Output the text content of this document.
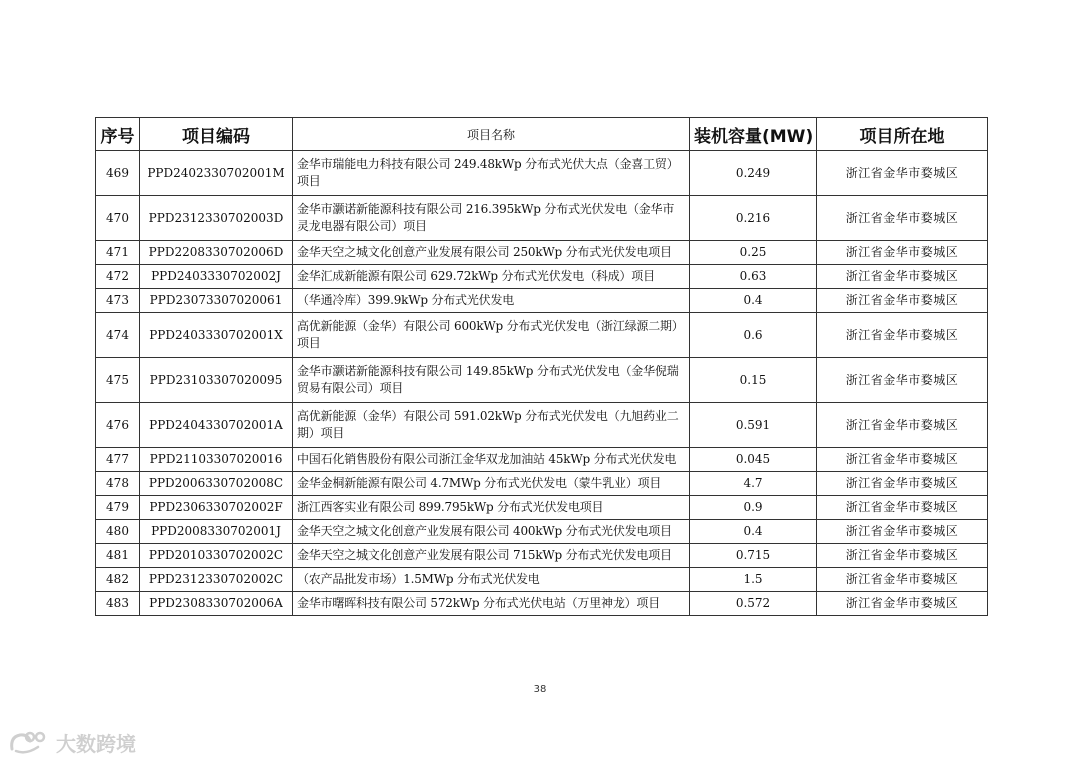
序号	项目编码	项目名称	装机容量(MW)	项目所在地
469	PPD2402330702001M	金华市瑞能电力科技有限公司 249.48kWp 分布式光伏大点（金喜工贸）项目	0.249	浙江省金华市婺城区
470	PPD2312330702003D	金华市灏诺新能源科技有限公司 216.395kWp 分布式光伏发电（金华市灵龙电器有限公司）项目	0.216	浙江省金华市婺城区
471	PPD2208330702006D	金华天空之城文化创意产业发展有限公司 250kWp 分布式光伏发电项目	0.25	浙江省金华市婺城区
472	PPD2403330702002J	金华汇成新能源有限公司 629.72kWp 分布式光伏发电（科成）项目	0.63	浙江省金华市婺城区
473	PPD23073307020061	（华通冷库）399.9kWp 分布式光伏发电	0.4	浙江省金华市婺城区
474	PPD2403330702001X	高优新能源（金华）有限公司 600kWp 分布式光伏发电（浙江绿源二期）项目	0.6	浙江省金华市婺城区
475	PPD23103307020095	金华市灏诺新能源科技有限公司 149.85kWp 分布式光伏发电（金华倪瑞贸易有限公司）项目	0.15	浙江省金华市婺城区
476	PPD2404330702001A	高优新能源（金华）有限公司 591.02kWp 分布式光伏发电（九旭药业二期）项目	0.591	浙江省金华市婺城区
477	PPD21103307020016	中国石化销售股份有限公司浙江金华双龙加油站 45kWp 分布式光伏发电	0.045	浙江省金华市婺城区
478	PPD2006330702008C	金华金桐新能源有限公司 4.7MWp 分布式光伏发电（蒙牛乳业）项目	4.7	浙江省金华市婺城区
479	PPD2306330702002F	浙江西客实业有限公司 899.795kWp 分布式光伏发电项目	0.9	浙江省金华市婺城区
480	PPD2008330702001J	金华天空之城文化创意产业发展有限公司 400kWp 分布式光伏发电项目	0.4	浙江省金华市婺城区
481	PPD2010330702002C	金华天空之城文化创意产业发展有限公司 715kWp 分布式光伏发电项目	0.715	浙江省金华市婺城区
482	PPD2312330702002C	（农产品批发市场）1.5MWp 分布式光伏发电	1.5	浙江省金华市婺城区
483	PPD2308330702006A	金华市曙晖科技有限公司 572kWp 分布式光伏电站（万里神龙）项目	0.572	浙江省金华市婺城区
38
大数跨境
